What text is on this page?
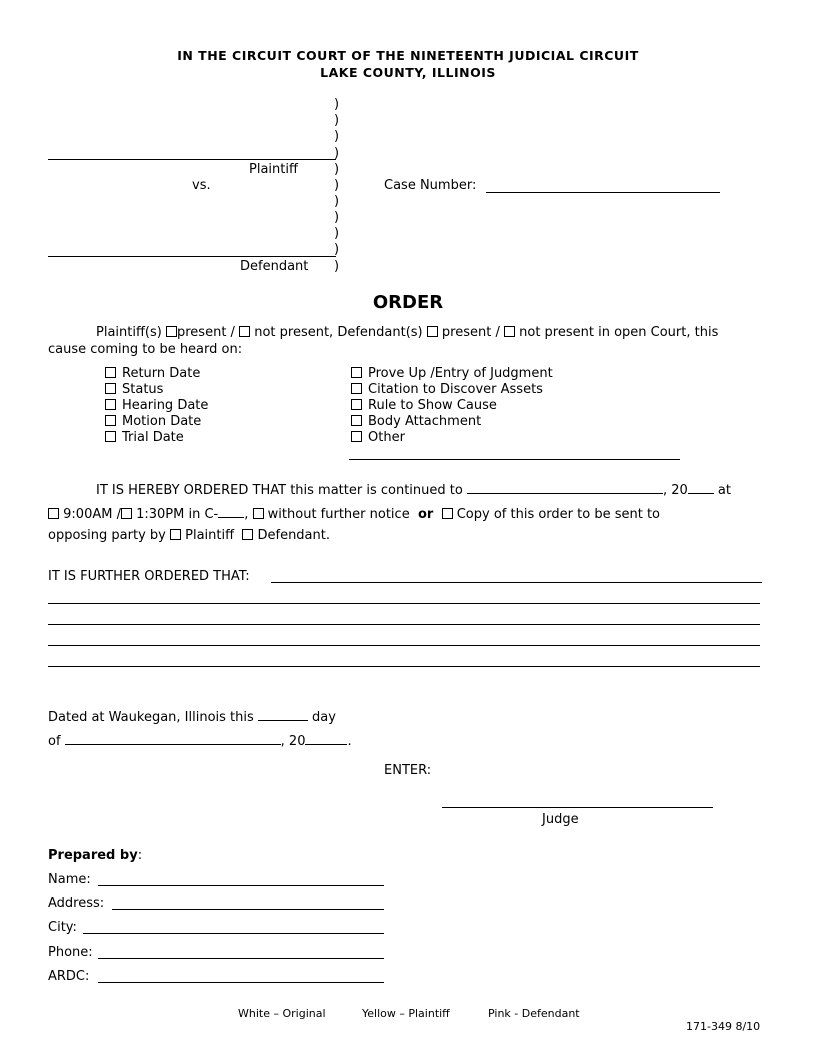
IN THE CIRCUIT COURT OF THE NINETEENTH JUDICIAL CIRCUIT
LAKE COUNTY, ILLINOIS
)
)
)
)
)
)
)
)
)
)
)
Plaintiff
vs.	Case Number:
Defendant
ORDER
Plaintiff(s) present / not present, Defendant(s) present / not present in open Court, this
cause coming to be heard on:
Return Date
Status
Hearing Date
Motion Date
Trial Date
Prove Up /Entry of Judgment
Citation to Discover Assets
Rule to Show Cause
Body Attachment
Other
IT IS HEREBY ORDERED THAT this matter is continued to	, 20 at
9:00AM / 1:30PM in C- , without further notice or Copy of this order to be sent to
opposing party by Plaintiff Defendant.
IT IS FURTHER ORDERED THAT:
Dated at Waukegan, Illinois this	day
of	, 20	.
ENTER:
Judge
Prepared by:
Name:
Address:
City:
Phone:
ARDC:
White – Original	Yellow – Plaintiff	Pink - Defendant
171-349 8/10
